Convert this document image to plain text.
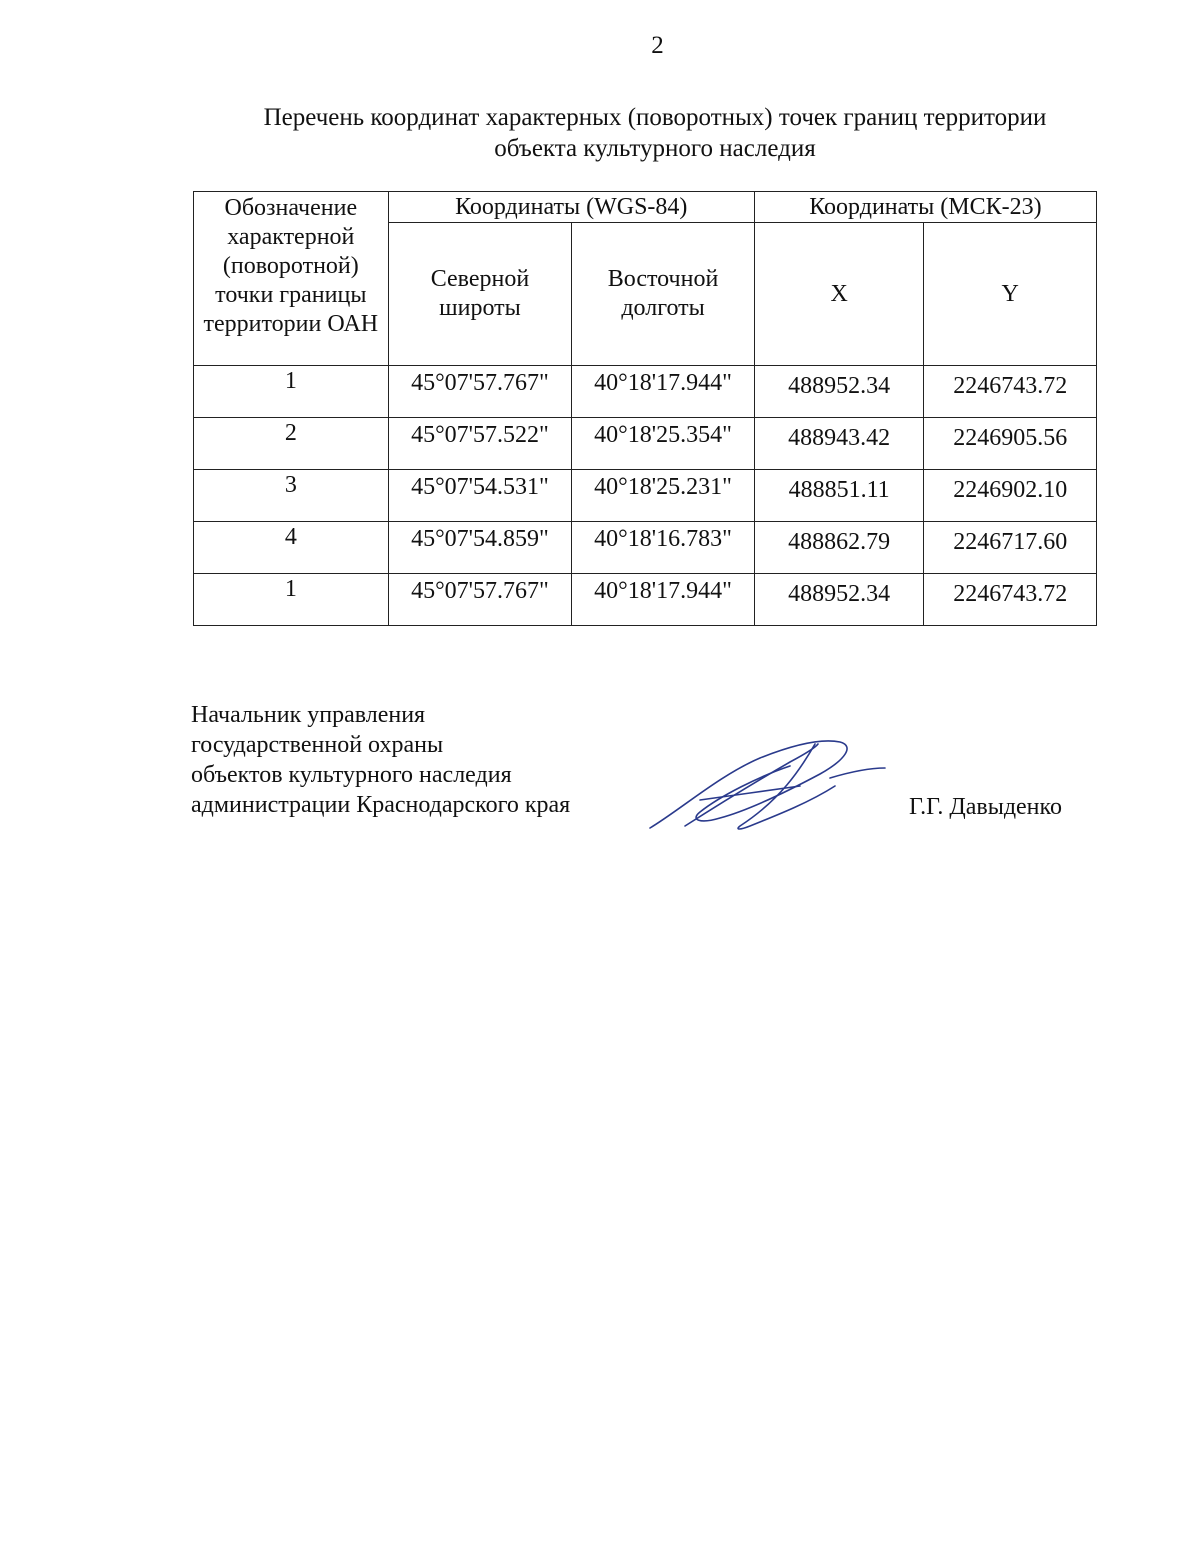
2
Перечень координат характерных (поворотных) точек границ территории
объекта культурного наследия
Обозначение характерной (поворотной) точки границы территории ОАН	Координаты (WGS-84)		Координаты (МСК-23)	
	Северной широты	Восточной долготы	X	Y
1	45°07'57.767"	40°18'17.944"	488952.34	2246743.72
2	45°07'57.522"	40°18'25.354"	488943.42	2246905.56
3	45°07'54.531"	40°18'25.231"	488851.11	2246902.10
4	45°07'54.859"	40°18'16.783"	488862.79	2246717.60
1	45°07'57.767"	40°18'17.944"	488952.34	2246743.72
Начальник управления
государственной охраны
объектов культурного наследия
администрации Краснодарского края	Г.Г. Давыденко
